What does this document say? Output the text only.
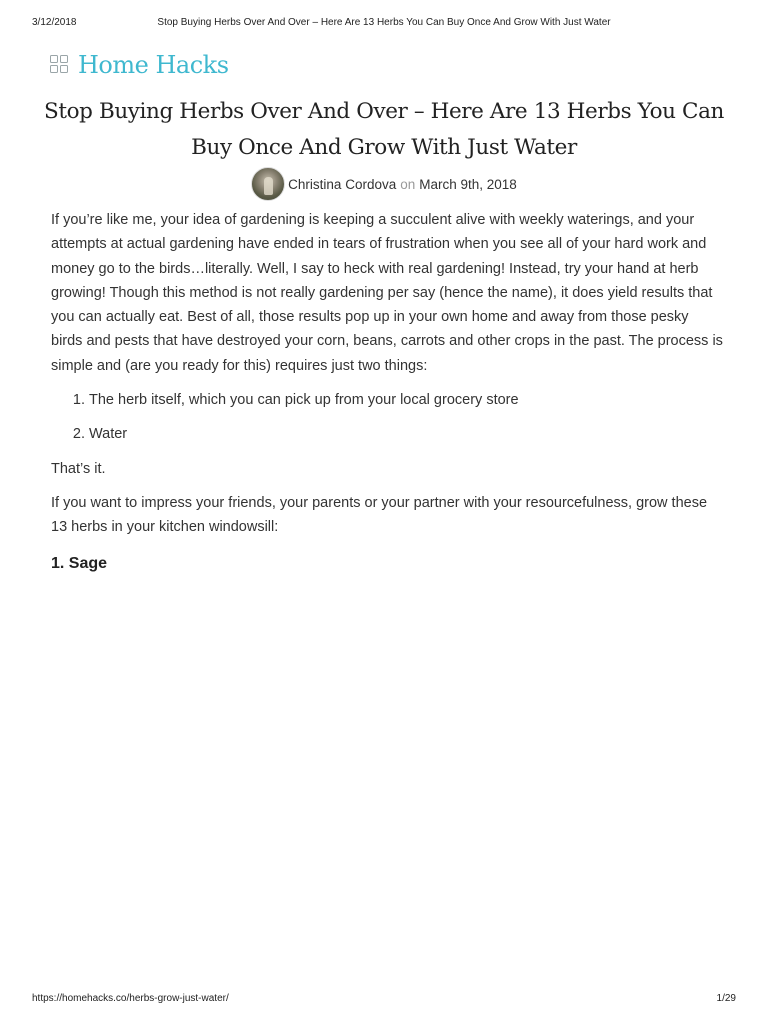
3/12/2018	Stop Buying Herbs Over And Over – Here Are 13 Herbs You Can Buy Once And Grow With Just Water
Home Hacks
Stop Buying Herbs Over And Over – Here Are 13 Herbs You Can Buy Once And Grow With Just Water
Christina Cordova on March 9th, 2018

If you’re like me, your idea of gardening is keeping a succulent alive with weekly waterings, and your attempts at actual gardening have ended in tears of frustration when you see all of your hard work and money go to the birds…literally. Well, I say to heck with real gardening! Instead, try your hand at herb growing! Though this method is not really gardening per say (hence the name), it does yield results that you can actually eat. Best of all, those results pop up in your own home and away from those pesky birds and pests that have destroyed your corn, beans, carrots and other crops in the past. The process is simple and (are you ready for this) requires just two things:

1. The herb itself, which you can pick up from your local grocery store
2. Water

That’s it.

If you want to impress your friends, your parents or your partner with your resourcefulness, grow these 13 herbs in your kitchen windowsill:

1. Sage
https://homehacks.co/herbs-grow-just-water/	1/29
